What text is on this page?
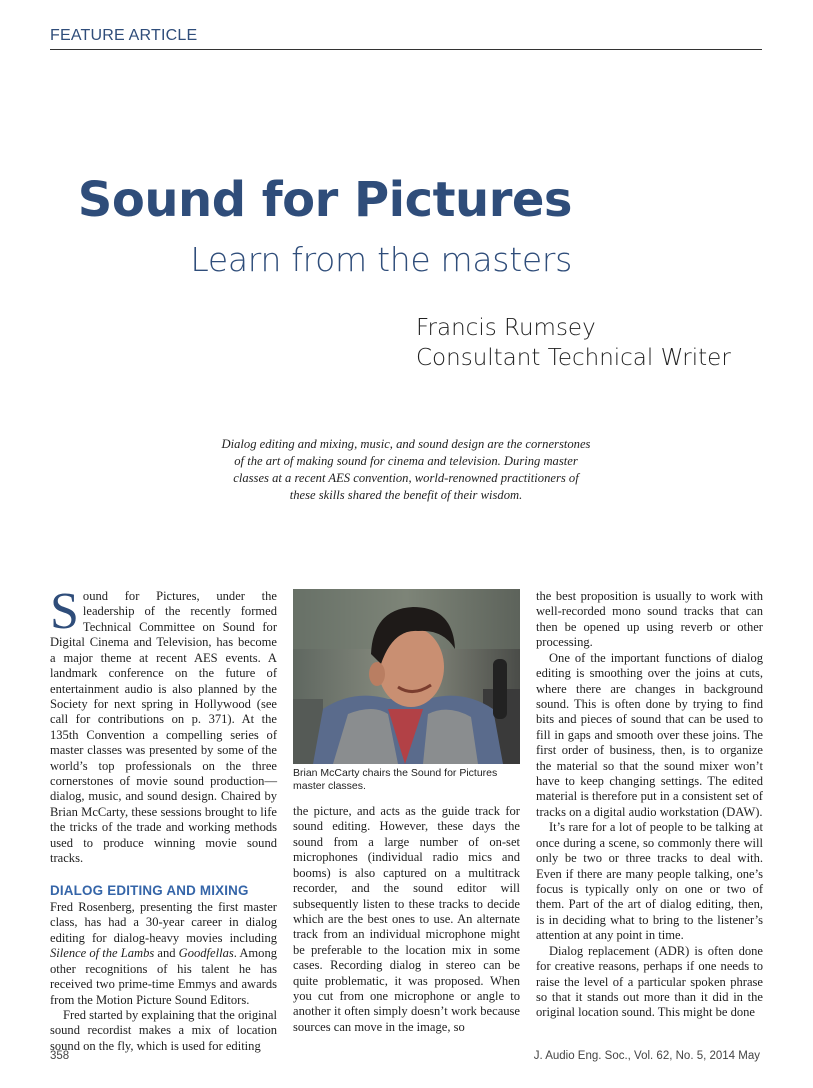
FEATURE ARTICLE
Sound for Pictures
Learn from the masters
Francis Rumsey
Consultant Technical Writer
Dialog editing and mixing, music, and sound design are the cornerstones of the art of making sound for cinema and television. During master classes at a recent AES convention, world-renowned practitioners of these skills shared the benefit of their wisdom.

Sound for Pictures, under the leadership of the recently formed Technical Committee on Sound for Digital Cinema and Television, has become a major theme at recent AES events. A landmark conference on the future of entertainment audio is also planned by the Society for next spring in Hollywood (see call for contributions on p. 371). At the 135th Convention a compelling series of master classes was presented by some of the world’s top professionals on the three cornerstones of movie sound production—dialog, music, and sound design. Chaired by Brian McCarty, these sessions brought to life the tricks of the trade and working methods used to produce winning movie sound tracks.

DIALOG EDITING AND MIXING

Fred Rosenberg, presenting the first master class, has had a 30-year career in dialog editing for dialog-heavy movies including Silence of the Lambs and Goodfellas. Among other recognitions of his talent he has received two prime-time Emmys and awards from the Motion Picture Sound Editors.

Fred started by explaining that the original sound recordist makes a mix of location sound on the fly, which is used for editing

Brian McCarty chairs the Sound for Pictures master classes.

the picture, and acts as the guide track for sound editing. However, these days the sound from a large number of on-set microphones (individual radio mics and booms) is also captured on a multitrack recorder, and the sound editor will subsequently listen to these tracks to decide which are the best ones to use. An alternate track from an individual microphone might be preferable to the location mix in some cases. Recording dialog in stereo can be quite problematic, it was proposed. When you cut from one microphone or angle to another it often simply doesn’t work because sources can move in the image, so

the best proposition is usually to work with well-recorded mono sound tracks that can then be opened up using reverb or other processing.

One of the important functions of dialog editing is smoothing over the joins at cuts, where there are changes in background sound. This is often done by trying to find bits and pieces of sound that can be used to fill in gaps and smooth over these joins. The first order of business, then, is to organize the material so that the sound mixer won’t have to keep changing settings. The edited material is therefore put in a consistent set of tracks on a digital audio workstation (DAW).

It’s rare for a lot of people to be talking at once during a scene, so commonly there will only be two or three tracks to deal with. Even if there are many people talking, one’s focus is typically only on one or two of them. Part of the art of dialog editing, then, is in deciding what to bring to the listener’s attention at any point in time.

Dialog replacement (ADR) is often done for creative reasons, perhaps if one needs to raise the level of a particular spoken phrase so that it stands out more than it did in the original location sound. This might be done

358	J. Audio Eng. Soc., Vol. 62, No. 5, 2014 May
